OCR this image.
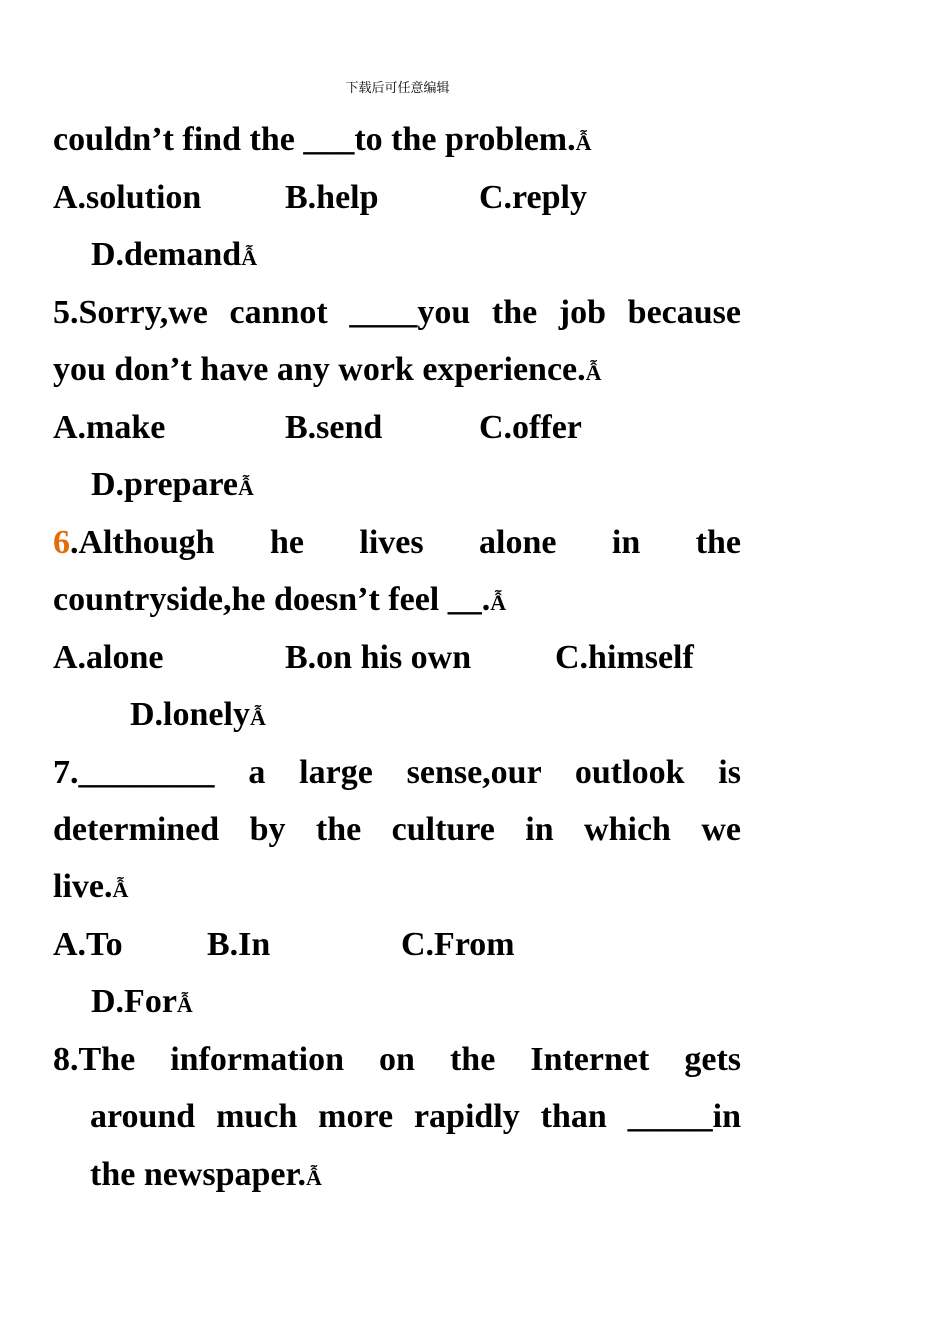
下载后可任意编辑
couldn’t find the ___to the problem.Ẫ
A.solution B.help	C.reply
D.demandẪ
5.Sorry,we cannot ____you the job because
you don’t have any work experience.Ẫ
A.make	B.send	C.offer
D.prepareẪ
6.Although he lives alone in the
countryside,he doesn’t feel __.Ẫ
A.alone	B.on his own C.himself
D.lonelyẪ
7.________ a large sense,our outlook is
determined by the culture in which we
live.Ẫ
A.To B.In	C.From
D.ForẪ
8.The information on the Internet gets
around much more rapidly than _____in
the newspaper.Ẫ
